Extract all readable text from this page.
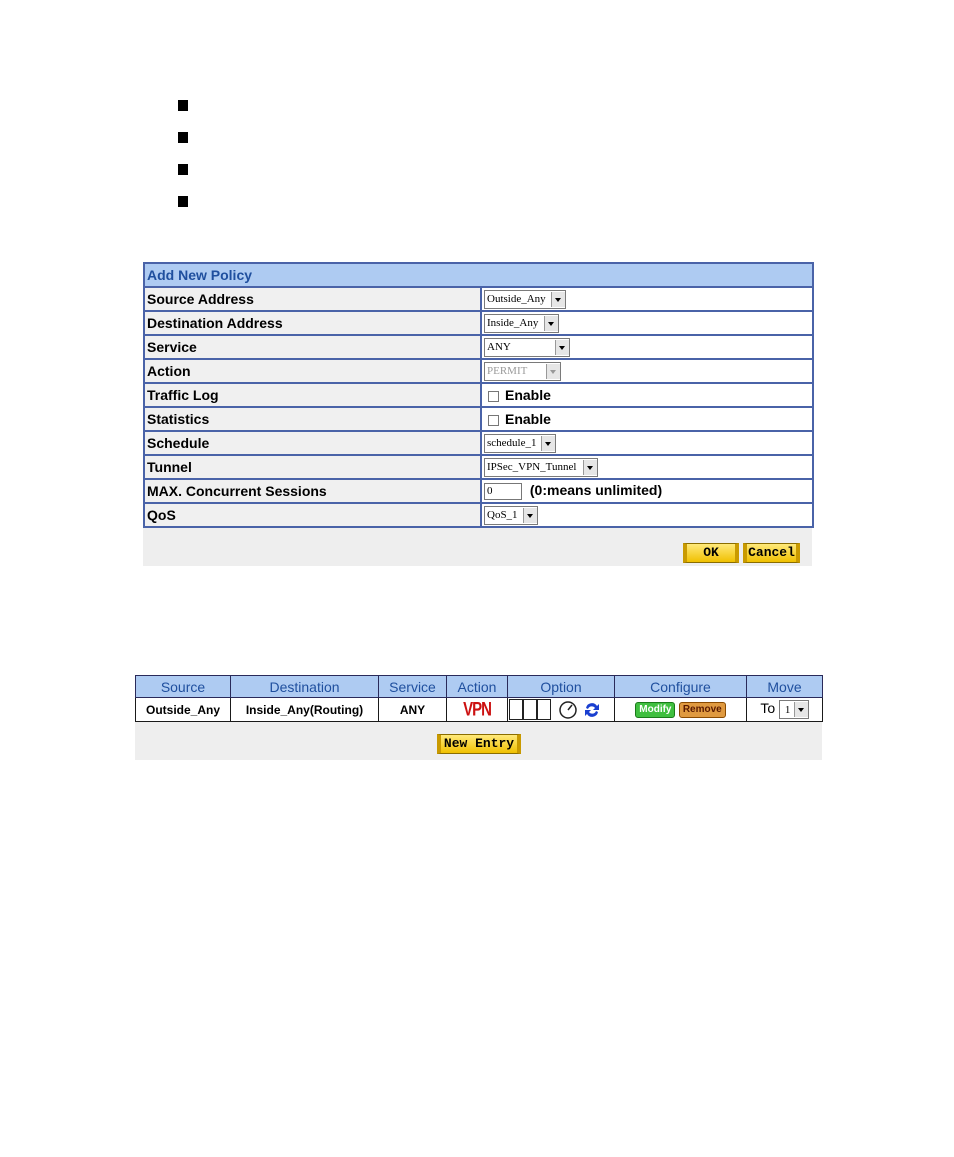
Add New Policy	
Source Address	Outside_Any

Destination Address	Inside_Any

Service	ANY

Action	PERMIT

Traffic Log	Enable
Statistics	Enable
Schedule	schedule_1

Tunnel	IPSec_VPN_Tunnel

MAX. Concurrent Sessions	0 (0:means unlimited)
QoS	QoS_1
OK	Cancel
Source	Destination	Service	Action	Option	Configure	Move
Outside_Any	Inside_Any(Routing)	ANY	VPN		Modify Remove	To 1
New Entry
